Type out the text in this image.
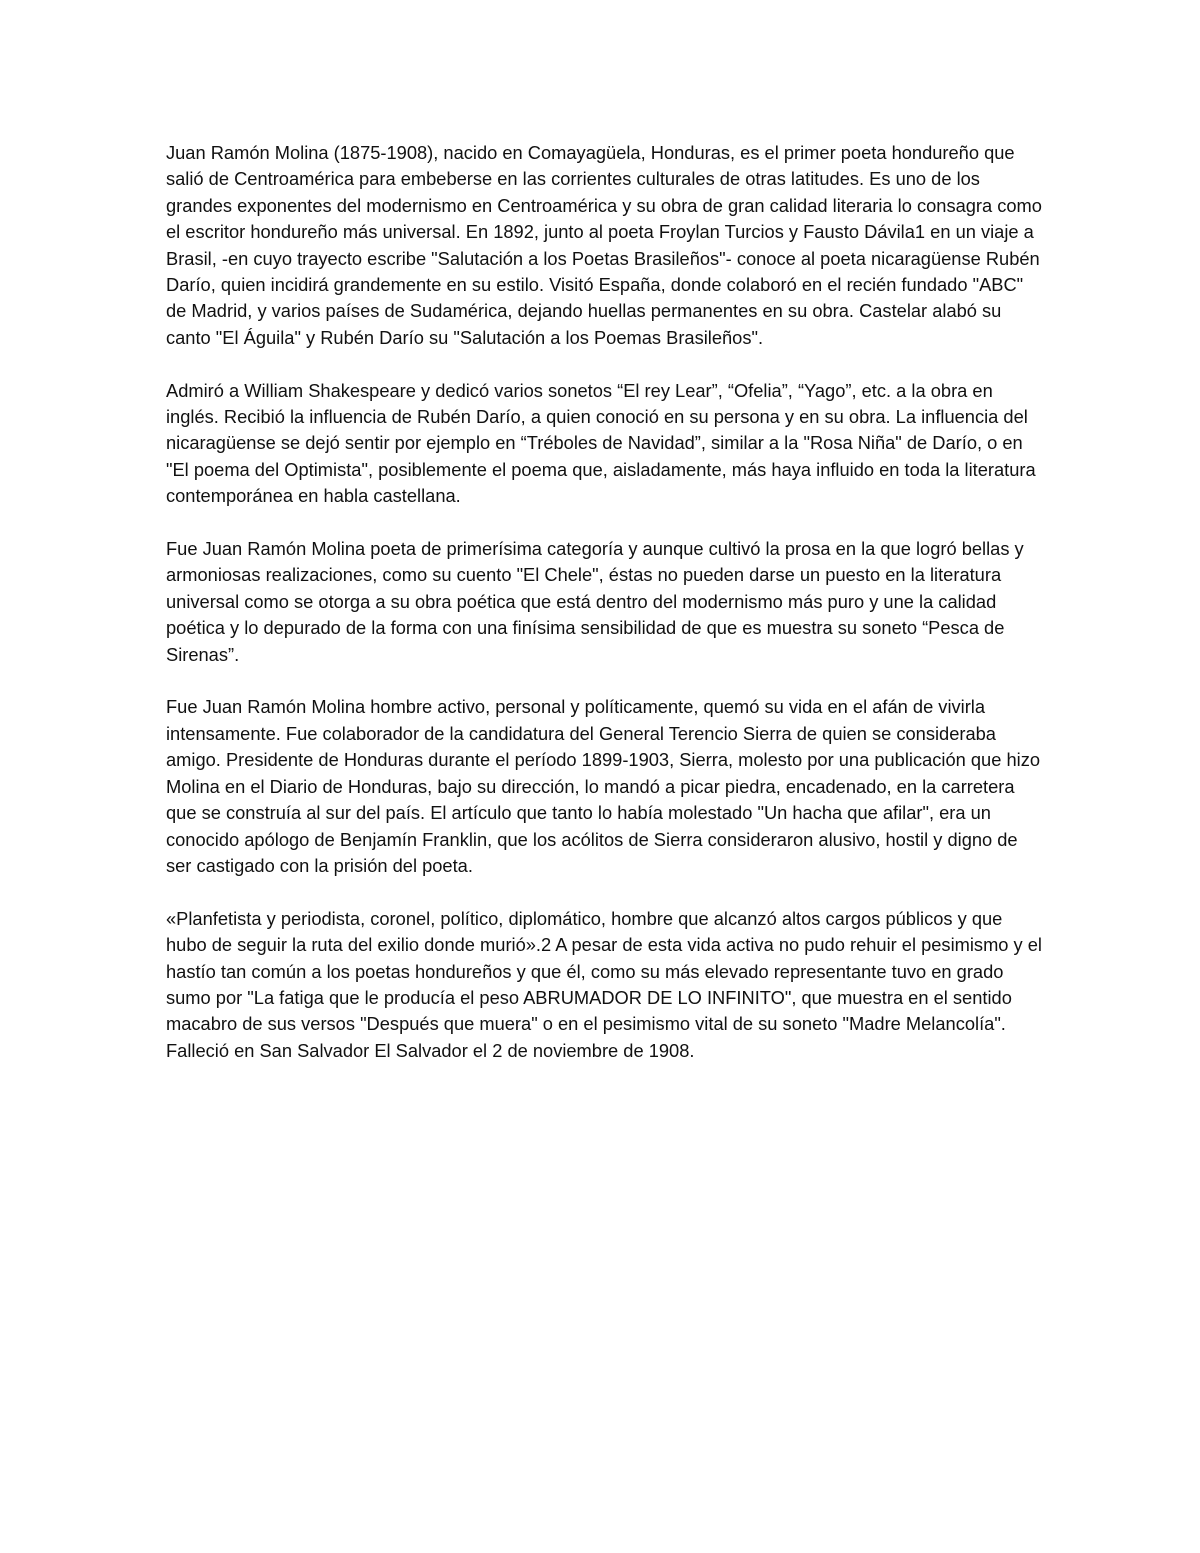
Juan Ramón Molina (1875-1908), nacido en Comayagüela, Honduras, es el primer poeta hondureño que salió de Centroamérica para embeberse en las corrientes culturales de otras latitudes. Es uno de los grandes exponentes del modernismo en Centroamérica y su obra de gran calidad literaria lo consagra como el escritor hondureño más universal. En 1892, junto al poeta Froylan Turcios y Fausto Dávila1 en un viaje a Brasil, -en cuyo trayecto escribe "Salutación a los Poetas Brasileños"- conoce al poeta nicaragüense Rubén Darío, quien incidirá grandemente en su estilo. Visitó España, donde colaboró en el recién fundado "ABC" de Madrid, y varios países de Sudamérica, dejando huellas permanentes en su obra. Castelar alabó su canto "El Águila" y Rubén Darío su "Salutación a los Poemas Brasileños".

Admiró a William Shakespeare y dedicó varios sonetos “El rey Lear”, “Ofelia”, “Yago”, etc. a la obra en inglés. Recibió la influencia de Rubén Darío, a quien conoció en su persona y en su obra. La influencia del nicaragüense se dejó sentir por ejemplo en “Tréboles de Navidad”, similar a la "Rosa Niña" de Darío, o en "El poema del Optimista", posiblemente el poema que, aisladamente, más haya influido en toda la literatura contemporánea en habla castellana.

Fue Juan Ramón Molina poeta de primerísima categoría y aunque cultivó la prosa en la que logró bellas y armoniosas realizaciones, como su cuento "El Chele", éstas no pueden darse un puesto en la literatura universal como se otorga a su obra poética que está dentro del modernismo más puro y une la calidad poética y lo depurado de la forma con una finísima sensibilidad de que es muestra su soneto “Pesca de Sirenas”.

Fue Juan Ramón Molina hombre activo, personal y políticamente, quemó su vida en el afán de vivirla intensamente. Fue colaborador de la candidatura del General Terencio Sierra de quien se consideraba amigo. Presidente de Honduras durante el período 1899-1903, Sierra, molesto por una publicación que hizo Molina en el Diario de Honduras, bajo su dirección, lo mandó a picar piedra, encadenado, en la carretera que se construía al sur del país. El artículo que tanto lo había molestado "Un hacha que afilar", era un conocido apólogo de Benjamín Franklin, que los acólitos de Sierra consideraron alusivo, hostil y digno de ser castigado con la prisión del poeta.

«Planfetista y periodista, coronel, político, diplomático, hombre que alcanzó altos cargos públicos y que hubo de seguir la ruta del exilio donde murió».2 A pesar de esta vida activa no pudo rehuir el pesimismo y el hastío tan común a los poetas hondureños y que él, como su más elevado representante tuvo en grado sumo por "La fatiga que le producía el peso ABRUMADOR DE LO INFINITO", que muestra en el sentido macabro de sus versos "Después que muera" o en el pesimismo vital de su soneto "Madre Melancolía". Falleció en San Salvador El Salvador el 2 de noviembre de 1908.
